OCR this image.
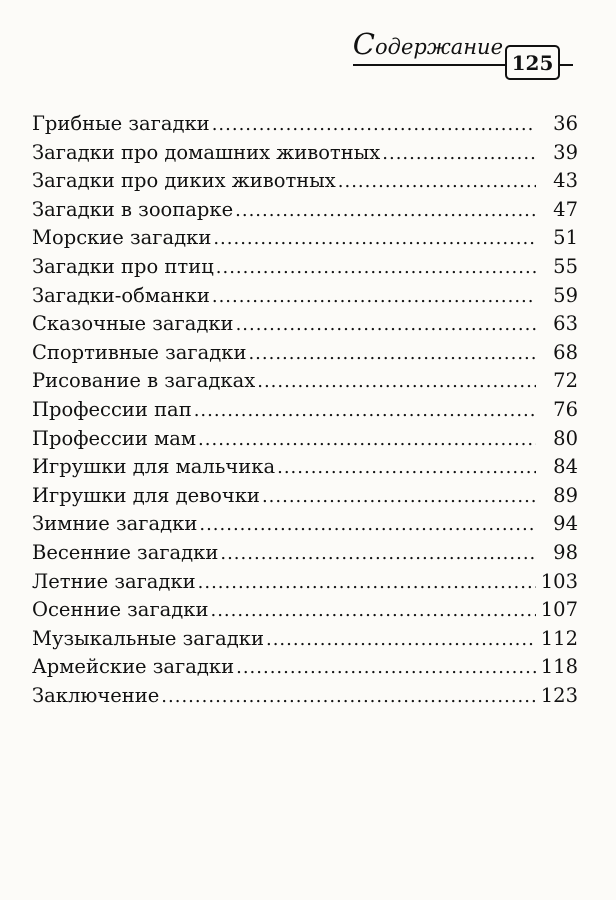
Содержание
125
Грибные загадки .....	36
Загадки про домашних животных .....	39
Загадки про диких животных .....	43
Загадки в зоопарке .....	47
Морские загадки .....	51
Загадки про птиц .....	55
Загадки-обманки .....	59
Сказочные загадки .....	63
Спортивные загадки .....	68
Рисование в загадках .....	72
Профессии пап .....	76
Профессии мам .....	80
Игрушки для мальчика .....	84
Игрушки для девочки .....	89
Зимние загадки .....	94
Весенние загадки .....	98
Летние загадки .....	103
Осенние загадки .....	107
Музыкальные загадки .....	112
Армейские загадки .....	118
Заключение .....	123
